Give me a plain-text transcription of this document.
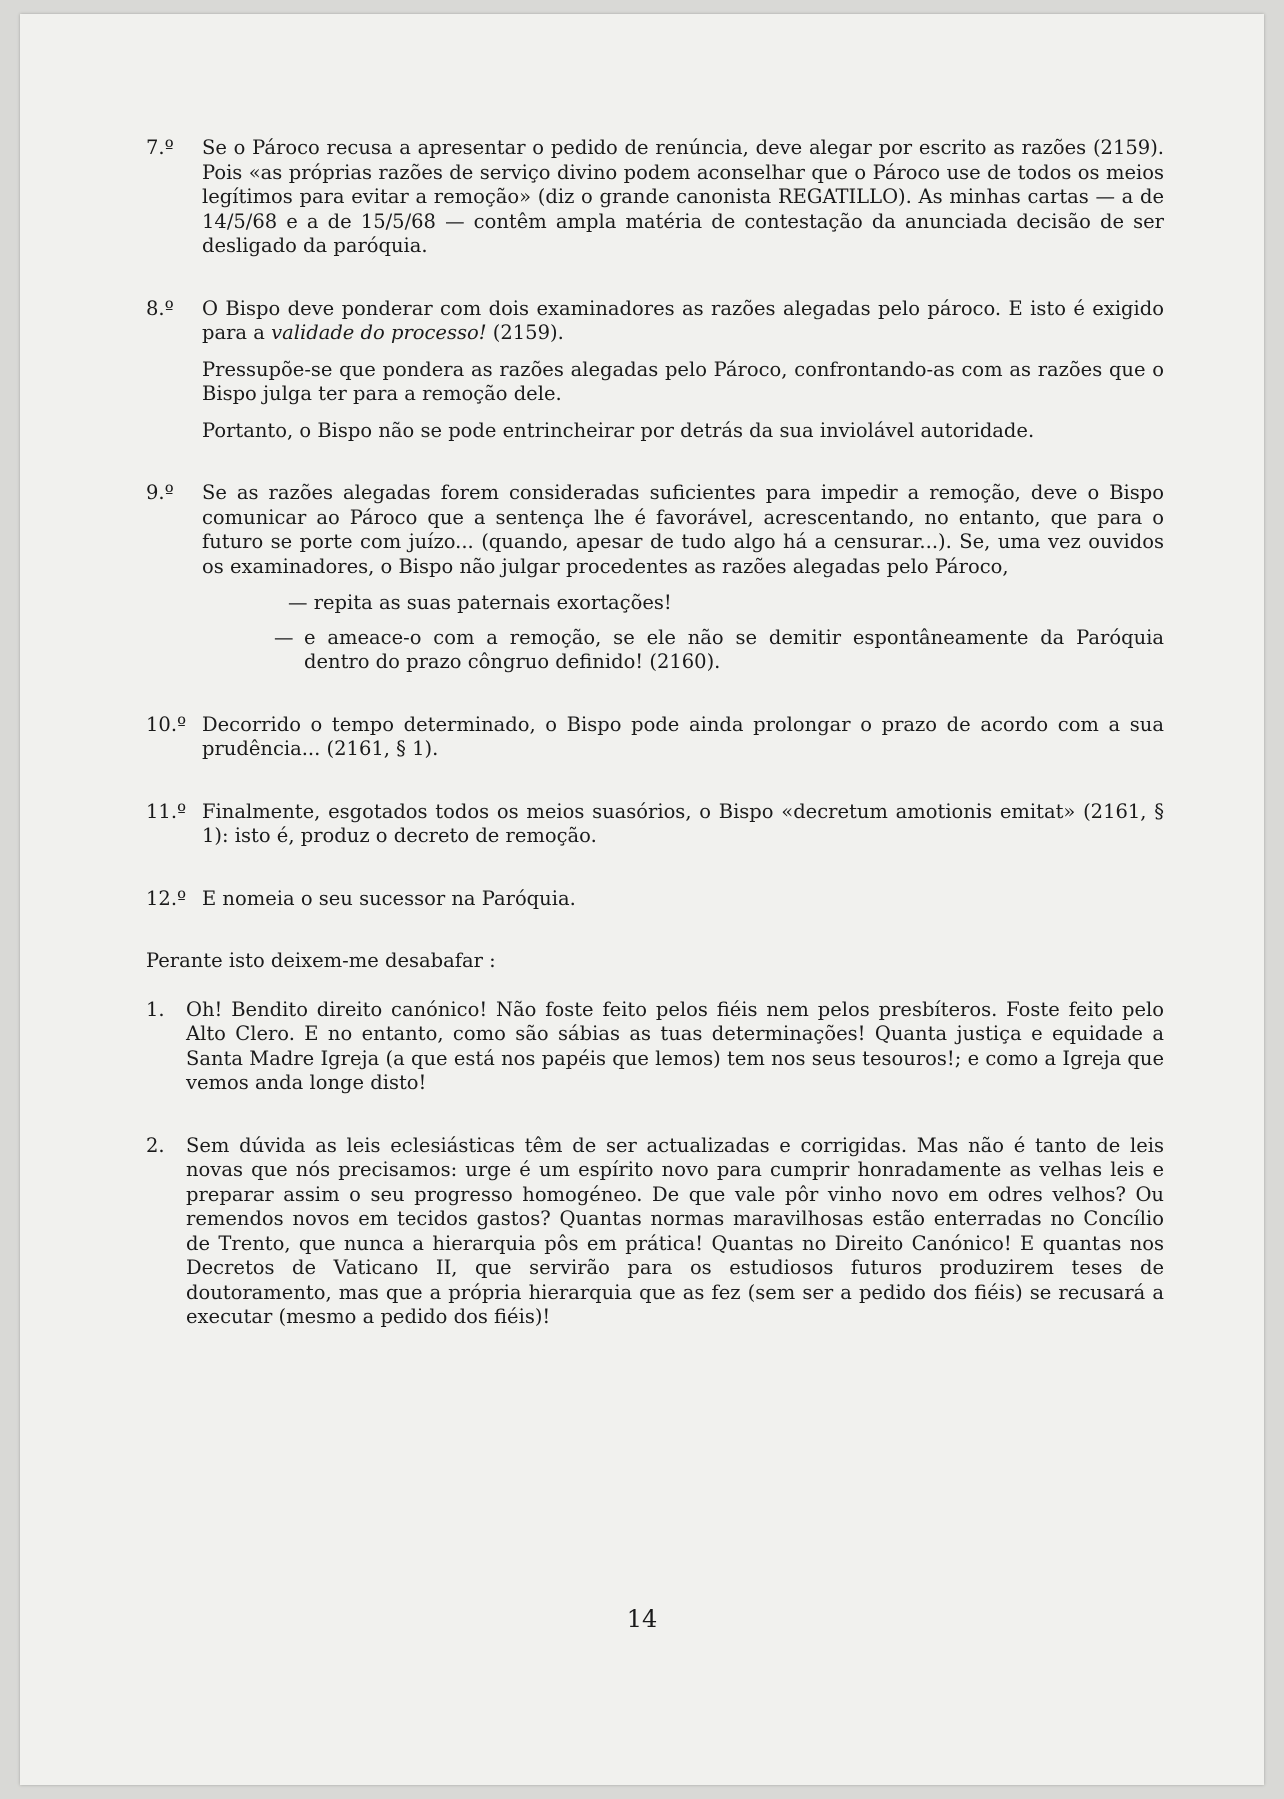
7.º	Se o Pároco recusa a apresentar o pedido de renúncia, deve alegar por escrito as razões (2159). Pois «as próprias razões de serviço divino podem aconselhar que o Pároco use de todos os meios legítimos para evitar a remoção» (diz o grande canonista REGATILLO). As minhas cartas — a de 14/5/68 e a de 15/5/68 — contêm ampla matéria de contestação da anunciada decisão de ser desligado da paróquia.

8.º	O Bispo deve ponderar com dois examinadores as razões alegadas pelo pároco. E isto é exigido para a validade do processo! (2159).

Pressupõe-se que pondera as razões alegadas pelo Pároco, confrontando-as com as razões que o Bispo julga ter para a remoção dele.

Portanto, o Bispo não se pode entrincheirar por detrás da sua inviolável autoridade.

9.º	Se as razões alegadas forem consideradas suficientes para impedir a remoção, deve o Bispo comunicar ao Pároco que a sentença lhe é favorável, acrescentando, no entanto, que para o futuro se porte com juízo... (quando, apesar de tudo algo há a censurar...). Se, uma vez ouvidos os examinadores, o Bispo não julgar procedentes as razões alegadas pelo Pároco,

— repita as suas paternais exortações!

— e ameace-o com a remoção, se ele não se demitir espontâneamente da Paróquia dentro do prazo côngruo definido! (2160).

10.º Decorrido o tempo determinado, o Bispo pode ainda prolongar o prazo de acordo com a sua prudência... (2161, § 1).

11.º Finalmente, esgotados todos os meios suasórios, o Bispo «decretum amotionis emitat» (2161, § 1): isto é, produz o decreto de remoção.

12.º E nomeia o seu sucessor na Paróquia.

Perante isto deixem-me desabafar :

1.	Oh! Bendito direito canónico! Não foste feito pelos fiéis nem pelos presbíteros. Foste feito pelo Alto Clero. E no entanto, como são sábias as tuas determinações! Quanta justiça e equidade a Santa Madre Igreja (a que está nos papéis que lemos) tem nos seus tesouros!; e como a Igreja que vemos anda longe disto!

2.	Sem dúvida as leis eclesiásticas têm de ser actualizadas e corrigidas. Mas não é tanto de leis novas que nós precisamos: urge é um espírito novo para cumprir honradamente as velhas leis e preparar assim o seu progresso homogéneo. De que vale pôr vinho novo em odres velhos? Ou remendos novos em tecidos gastos? Quantas normas maravilhosas estão enterradas no Concílio de Trento, que nunca a hierarquia pôs em prática! Quantas no Direito Canónico! E quantas nos Decretos de Vaticano II, que servirão para os estudiosos futuros produzirem teses de doutoramento, mas que a própria hierarquia que as fez (sem ser a pedido dos fiéis) se recusará a executar (mesmo a pedido dos fiéis)!

14
